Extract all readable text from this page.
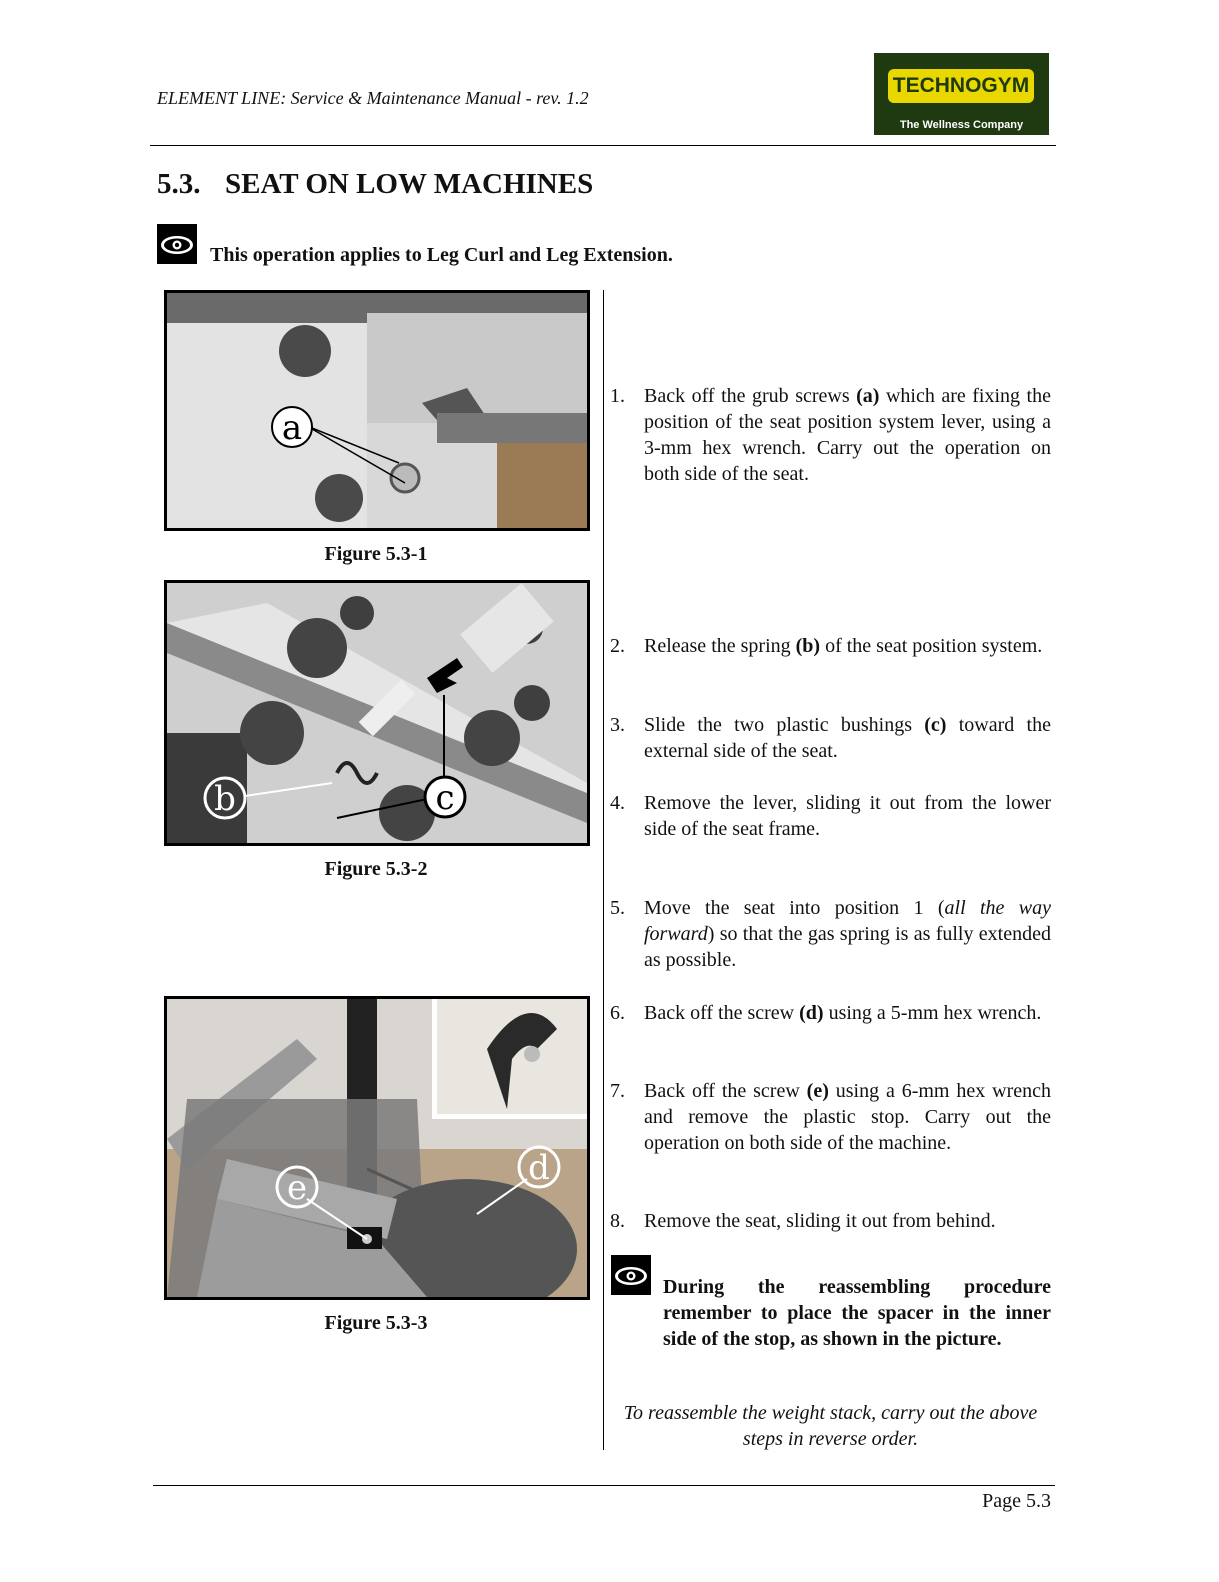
ELEMENT LINE: Service & Maintenance Manual - rev. 1.2
TECHNOGYM
The Wellness Company
5.3. SEAT ON LOW MACHINES
This operation applies to Leg Curl and Leg Extension.
a
Figure 5.3-1
b	c
Figure 5.3-2
e	d
Figure 5.3-3
1. Back off the grub screws (a) which are fixing the position of the seat position system lever, using a 3-mm hex wrench. Carry out the operation on both side of the seat.
2. Release the spring (b) of the seat position system.
3. Slide the two plastic bushings (c) toward the external side of the seat.
4. Remove the lever, sliding it out from the lower side of the seat frame.
5. Move the seat into position 1 (all the way forward) so that the gas spring is as fully extended as possible.
6. Back off the screw (d) using a 5-mm hex wrench.
7. Back off the screw (e) using a 6-mm hex wrench and remove the plastic stop. Carry out the operation on both side of the machine.
8. Remove the seat, sliding it out from behind.
During the reassembling procedure remember to place the spacer in the inner side of the stop, as shown in the picture.
To reassemble the weight stack, carry out the above steps in reverse order.
Page 5.3
